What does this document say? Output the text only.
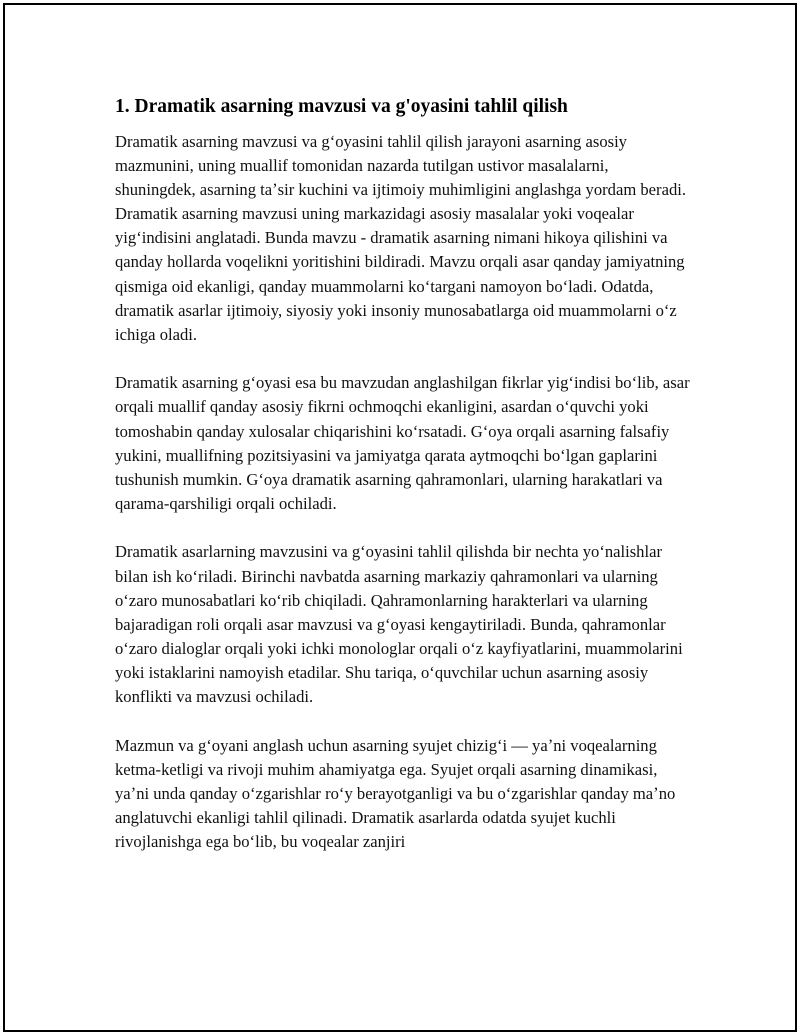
1. Dramatik asarning mavzusi va g'oyasini tahlil qilish

Dramatik asarning mavzusi va gʻoyasini tahlil qilish jarayoni asarning asosiy mazmunini, uning muallif tomonidan nazarda tutilgan ustivor masalalarni, shuningdek, asarning taʼsir kuchini va ijtimoiy muhimligini anglashga yordam beradi. Dramatik asarning mavzusi uning markazidagi asosiy masalalar yoki voqealar yigʻindisini anglatadi. Bunda mavzu - dramatik asarning nimani hikoya qilishini va qanday hollarda voqelikni yoritishini bildiradi. Mavzu orqali asar qanday jamiyatning qismiga oid ekanligi, qanday muammolarni koʻtargani namoyon boʻladi. Odatda, dramatik asarlar ijtimoiy, siyosiy yoki insoniy munosabatlarga oid muammolarni oʻz ichiga oladi.

Dramatik asarning gʻoyasi esa bu mavzudan anglashilgan fikrlar yigʻindisi boʻlib, asar orqali muallif qanday asosiy fikrni ochmoqchi ekanligini, asardan oʻquvchi yoki tomoshabin qanday xulosalar chiqarishini koʻrsatadi. Gʻoya orqali asarning falsafiy yukini, muallifning pozitsiyasini va jamiyatga qarata aytmoqchi boʻlgan gaplarini tushunish mumkin. Gʻoya dramatik asarning qahramonlari, ularning harakatlari va qarama-qarshiligi orqali ochiladi.

Dramatik asarlarning mavzusini va gʻoyasini tahlil qilishda bir nechta yoʻnalishlar bilan ish koʻriladi. Birinchi navbatda asarning markaziy qahramonlari va ularning oʻzaro munosabatlari koʻrib chiqiladi. Qahramonlarning harakterlari va ularning bajaradigan roli orqali asar mavzusi va gʻoyasi kengaytiriladi. Bunda, qahramonlar oʻzaro dialoglar orqali yoki ichki monologlar orqali oʻz kayfiyatlarini, muammolarini yoki istaklarini namoyish etadilar. Shu tariqa, oʻquvchilar uchun asarning asosiy konflikti va mavzusi ochiladi.

Mazmun va gʻoyani anglash uchun asarning syujet chizigʻi — yaʼni voqealarning ketma-ketligi va rivoji muhim ahamiyatga ega. Syujet orqali asarning dinamikasi, yaʼni unda qanday oʻzgarishlar roʻy berayotganligi va bu oʻzgarishlar qanday maʼno anglatuvchi ekanligi tahlil qilinadi. Dramatik asarlarda odatda syujet kuchli rivojlanishga ega boʻlib, bu voqealar zanjiri
